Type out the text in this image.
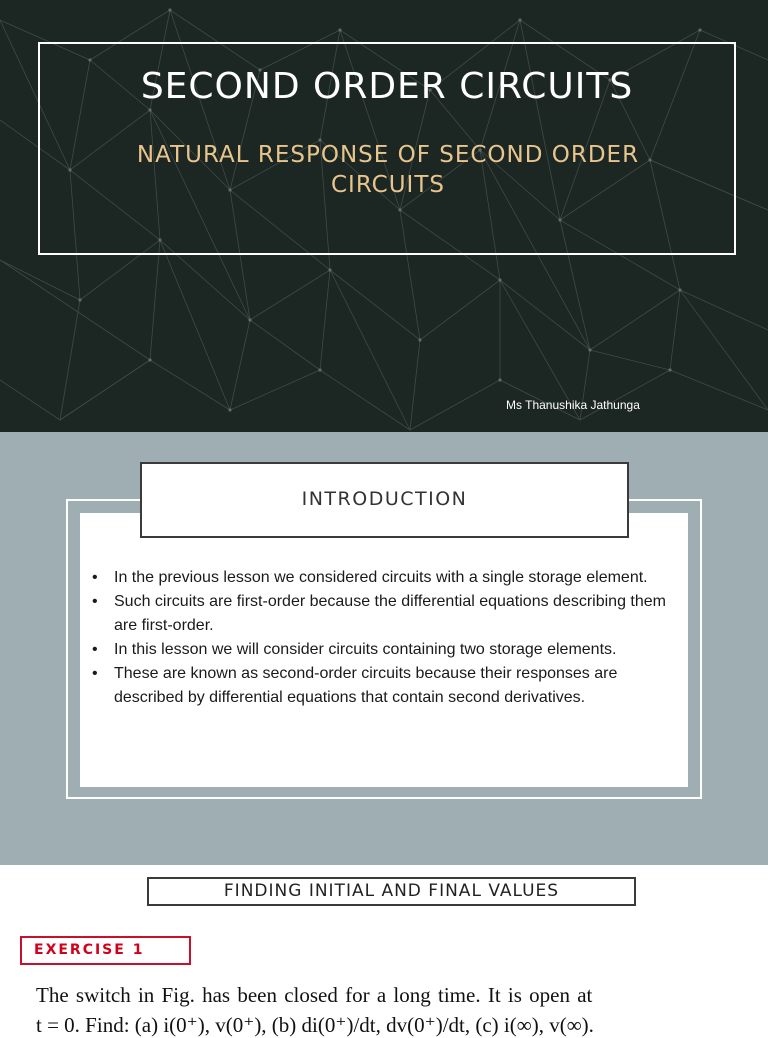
SECOND ORDER CIRCUITS
NATURAL RESPONSE OF SECOND ORDER CIRCUITS
Ms Thanushika Jathunga
INTRODUCTION
• In the previous lesson we considered circuits with a single storage element.
• Such circuits are first-order because the differential equations describing them are first-order.
• In this lesson we will consider circuits containing two storage elements.
• These are known as second-order circuits because their responses are described by differential equations that contain second derivatives.
FINDING INITIAL AND FINAL VALUES
EXERCISE 1
The switch in Fig. has been closed for a long time. It is open at
t = 0. Find: (a) i(0⁺), v(0⁺), (b) di(0⁺)/dt, dv(0⁺)/dt, (c) i(∞), v(∞).
